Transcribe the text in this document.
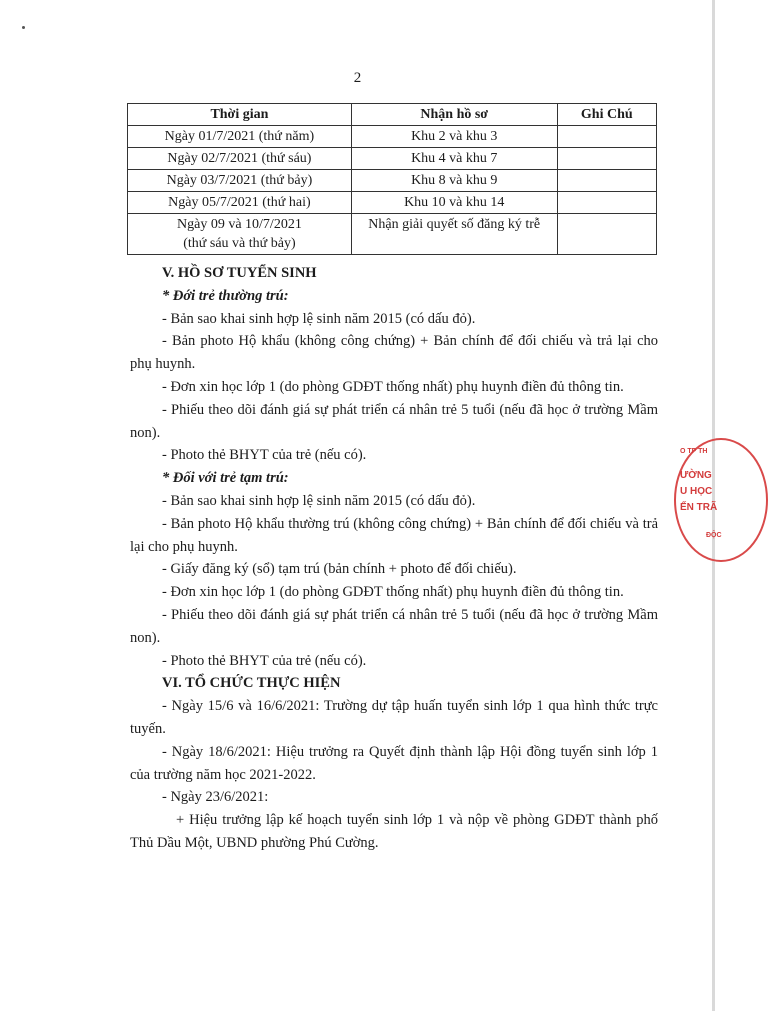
2
Thời gian	Nhận hồ sơ	Ghi Chú
Ngày 01/7/2021 (thứ năm)	Khu 2 và khu 3	
Ngày 02/7/2021 (thứ sáu)	Khu 4 và khu 7	
Ngày 03/7/2021 (thứ bảy)	Khu 8 và khu 9	
Ngày 05/7/2021 (thứ hai)	Khu 10 và khu 14	

Ngày 09 và 10/7/2021
(thứ sáu và thứ bảy)	Nhận giải quyết số đăng ký trễ	
V. HỒ SƠ TUYỂN SINH

* Đới trẻ thường trú:

- Bản sao khai sinh hợp lệ sinh năm 2015 (có dấu đỏ).

- Bản photo Hộ khẩu (không công chứng) + Bản chính để đối chiếu và trả lại cho phụ huynh.

- Đơn xin học lớp 1 (do phòng GDĐT thống nhất) phụ huynh điền đủ thông tin.

- Phiếu theo dõi đánh giá sự phát triển cá nhân trẻ 5 tuổi (nếu đã học ở trường Mầm non).

- Photo thẻ BHYT của trẻ (nếu có).

* Đối với trẻ tạm trú:

- Bản sao khai sinh hợp lệ sinh năm 2015 (có dấu đỏ).

- Bản photo Hộ khẩu thường trú (không công chứng) + Bản chính để đối chiếu và trả lại cho phụ huynh.

- Giấy đăng ký (sổ) tạm trú (bản chính + photo để đối chiếu).

- Đơn xin học lớp 1 (do phòng GDĐT thống nhất) phụ huynh điền đủ thông tin.

- Phiếu theo dõi đánh giá sự phát triển cá nhân trẻ 5 tuổi (nếu đã học ở trường Mầm non).

- Photo thẻ BHYT của trẻ (nếu có).

VI. TỔ CHỨC THỰC HIỆN

- Ngày 15/6 và 16/6/2021: Trường dự tập huấn tuyển sinh lớp 1 qua hình thức trực tuyến.

- Ngày 18/6/2021: Hiệu trưởng ra Quyết định thành lập Hội đồng tuyển sinh lớp 1 của trường năm học 2021-2022.

- Ngày 23/6/2021:

+ Hiệu trưởng lập kế hoạch tuyển sinh lớp 1 và nộp về phòng GDĐT thành phố Thủ Dầu Một, UBND phường Phú Cường.

O TP TH
ƯỜNG
U HỌC
ẾN TRÃ
ĐỘC
